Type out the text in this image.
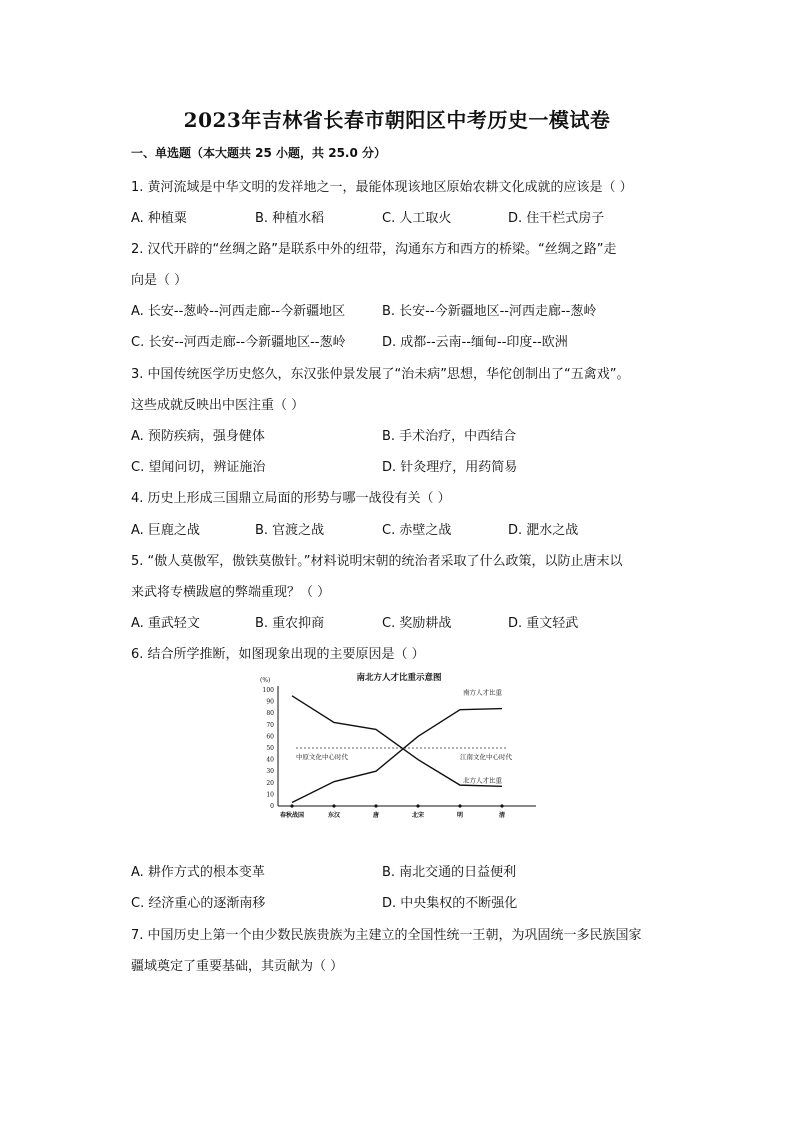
2023年吉林省长春市朝阳区中考历史一模试卷
一、单选题（本大题共 25 小题，共 25.0 分）
1. 黄河流域是中华文明的发祥地之一，最能体现该地区原始农耕文化成就的应该是（ ）
A. 种植粟	B. 种植水稻	C. 人工取火	D. 住干栏式房子
2. 汉代开辟的“丝绸之路”是联系中外的纽带，沟通东方和西方的桥梁。“丝绸之路”走
向是（ ）
A. 长安--葱岭--河西走廊--今新疆地区	B. 长安--今新疆地区--河西走廊--葱岭
C. 长安--河西走廊--今新疆地区--葱岭	D. 成都--云南--缅甸--印度--欧洲
3. 中国传统医学历史悠久，东汉张仲景发展了“治未病”思想，华佗创制出了“五禽戏”。
这些成就反映出中医注重（ ）
A. 预防疾病，强身健体	B. 手术治疗，中西结合
C. 望闻问切，辨证施治	D. 针灸理疗，用药简易
4. 历史上形成三国鼎立局面的形势与哪一战役有关（ ）
A. 巨鹿之战	B. 官渡之战	C. 赤壁之战	D. 淝水之战
5. “傲人莫傲军，傲铁莫傲针。”材料说明宋朝的统治者采取了什么政策，以防止唐末以
来武将专横跋扈的弊端重现？（ ）
A. 重武轻文	B. 重农抑商	C. 奖励耕战	D. 重文轻武
6. 结合所学推断，如图现象出现的主要原因是（ ）
南北方人才比重示意图
(%)
0
10
20
30
40
50
60
70
80
90
100
春秋战国	东汉	唐	北宋	明	清
南方人才比重
北方人才比重
中原文化中心时代	江南文化中心时代
A. 耕作方式的根本变革	B. 南北交通的日益便利
C. 经济重心的逐渐南移	D. 中央集权的不断强化
7. 中国历史上第一个由少数民族贵族为主建立的全国性统一王朝，为巩固统一多民族国家
疆域奠定了重要基础，其贡献为（ ）
